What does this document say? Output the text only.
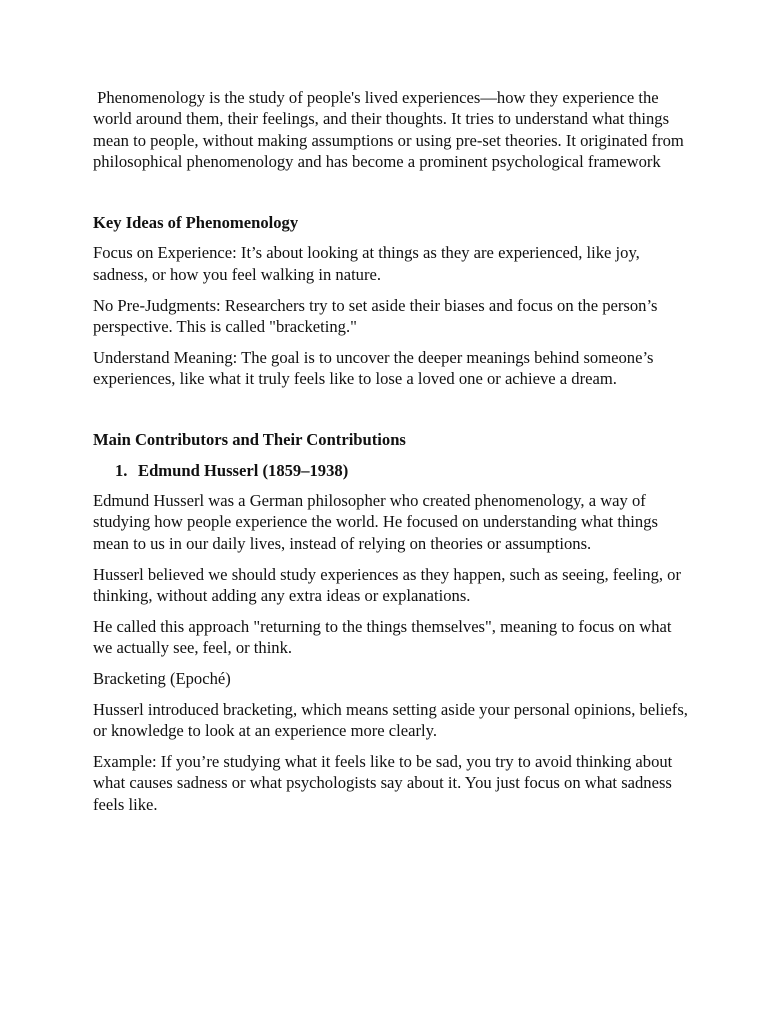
Phenomenology is the study of people's lived experiences—how they experience the world around them, their feelings, and their thoughts. It tries to understand what things mean to people, without making assumptions or using pre-set theories. It originated from philosophical phenomenology and has become a prominent psychological framework

Key Ideas of Phenomenology

Focus on Experience: It’s about looking at things as they are experienced, like joy, sadness, or how you feel walking in nature.

No Pre-Judgments: Researchers try to set aside their biases and focus on the person’s perspective. This is called "bracketing."

Understand Meaning: The goal is to uncover the deeper meanings behind someone’s experiences, like what it truly feels like to lose a loved one or achieve a dream.

Main Contributors and Their Contributions

1. Edmund Husserl (1859–1938)

Edmund Husserl was a German philosopher who created phenomenology, a way of studying how people experience the world. He focused on understanding what things mean to us in our daily lives, instead of relying on theories or assumptions.

Husserl believed we should study experiences as they happen, such as seeing, feeling, or thinking, without adding any extra ideas or explanations.

He called this approach "returning to the things themselves", meaning to focus on what we actually see, feel, or think.

Bracketing (Epoché)

Husserl introduced bracketing, which means setting aside your personal opinions, beliefs, or knowledge to look at an experience more clearly.

Example: If you’re studying what it feels like to be sad, you try to avoid thinking about what causes sadness or what psychologists say about it. You just focus on what sadness feels like.
